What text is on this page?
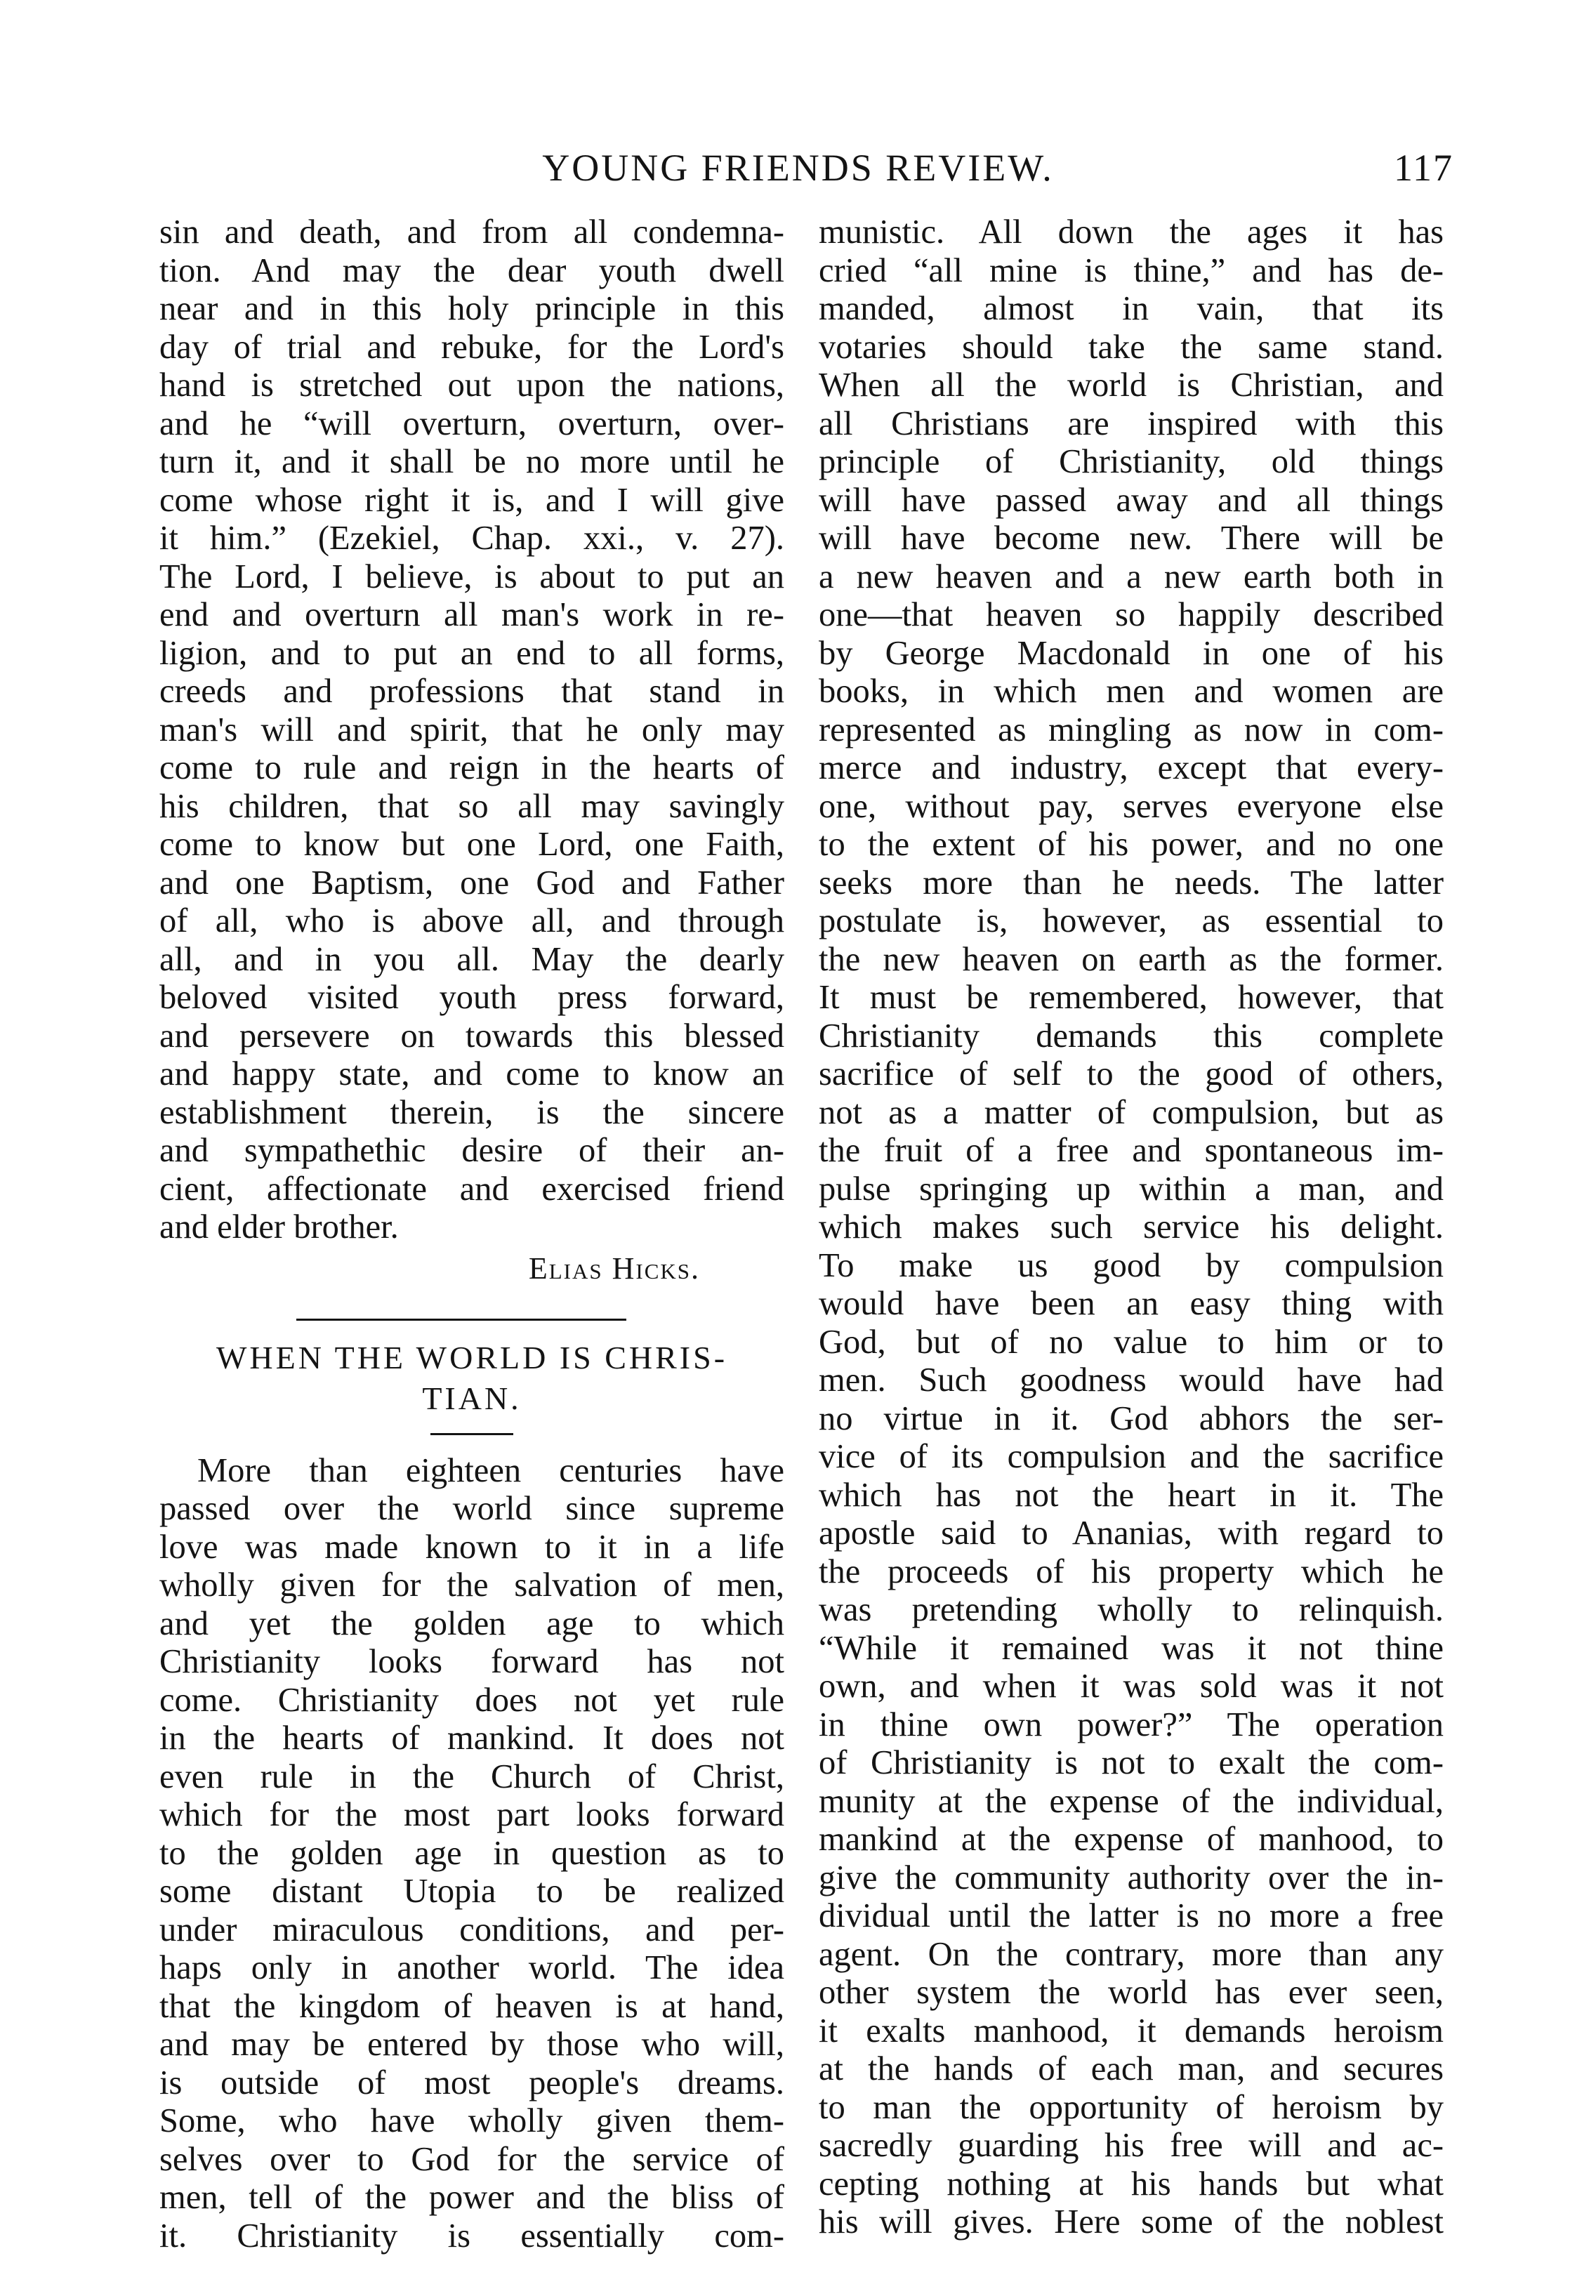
YOUNG FRIENDS REVIEW.	117
sin and death, and from all condemna-
tion. And may the dear youth dwell
near and in this holy principle in this
day of trial and rebuke, for the Lord's
hand is stretched out upon the nations,
and he “will overturn, overturn, over-
turn it, and it shall be no more until he
come whose right it is, and I will give
it him.” (Ezekiel, Chap. xxi., v. 27).
The Lord, I believe, is about to put an
end and overturn all man's work in re-
ligion, and to put an end to all forms,
creeds and professions that stand in
man's will and spirit, that he only may
come to rule and reign in the hearts of
his children, that so all may savingly
come to know but one Lord, one Faith,
and one Baptism, one God and Father
of all, who is above all, and through
all, and in you all. May the dearly
beloved visited youth press forward,
and persevere on towards this blessed
and happy state, and come to know an
establishment therein, is the sincere
and sympathethic desire of their an-
cient, affectionate and exercised friend
and elder brother.
Elias Hicks.
WHEN THE WORLD IS CHRIS-
TIAN.
More than eighteen centuries have
passed over the world since supreme
love was made known to it in a life
wholly given for the salvation of men,
and yet the golden age to which
Christianity looks forward has not
come. Christianity does not yet rule
in the hearts of mankind. It does not
even rule in the Church of Christ,
which for the most part looks forward
to the golden age in question as to
some distant Utopia to be realized
under miraculous conditions, and per-
haps only in another world. The idea
that the kingdom of heaven is at hand,
and may be entered by those who will,
is outside of most people's dreams.
Some, who have wholly given them-
selves over to God for the service of
men, tell of the power and the bliss of
it. Christianity is essentially com-
munistic. All down the ages it has
cried “all mine is thine,” and has de-
manded, almost in vain, that its
votaries should take the same stand.
When all the world is Christian, and
all Christians are inspired with this
principle of Christianity, old things
will have passed away and all things
will have become new. There will be
a new heaven and a new earth both in
one—that heaven so happily described
by George Macdonald in one of his
books, in which men and women are
represented as mingling as now in com-
merce and industry, except that every-
one, without pay, serves everyone else
to the extent of his power, and no one
seeks more than he needs. The latter
postulate is, however, as essential to
the new heaven on earth as the former.
It must be remembered, however, that
Christianity demands this complete
sacrifice of self to the good of others,
not as a matter of compulsion, but as
the fruit of a free and spontaneous im-
pulse springing up within a man, and
which makes such service his delight.
To make us good by compulsion
would have been an easy thing with
God, but of no value to him or to
men. Such goodness would have had
no virtue in it. God abhors the ser-
vice of its compulsion and the sacrifice
which has not the heart in it. The
apostle said to Ananias, with regard to
the proceeds of his property which he
was pretending wholly to relinquish.
“While it remained was it not thine
own, and when it was sold was it not
in thine own power?” The operation
of Christianity is not to exalt the com-
munity at the expense of the individual,
mankind at the expense of manhood, to
give the community authority over the in-
dividual until the latter is no more a free
agent. On the contrary, more than any
other system the world has ever seen,
it exalts manhood, it demands heroism
at the hands of each man, and secures
to man the opportunity of heroism by
sacredly guarding his free will and ac-
cepting nothing at his hands but what
his will gives. Here some of the noblest
